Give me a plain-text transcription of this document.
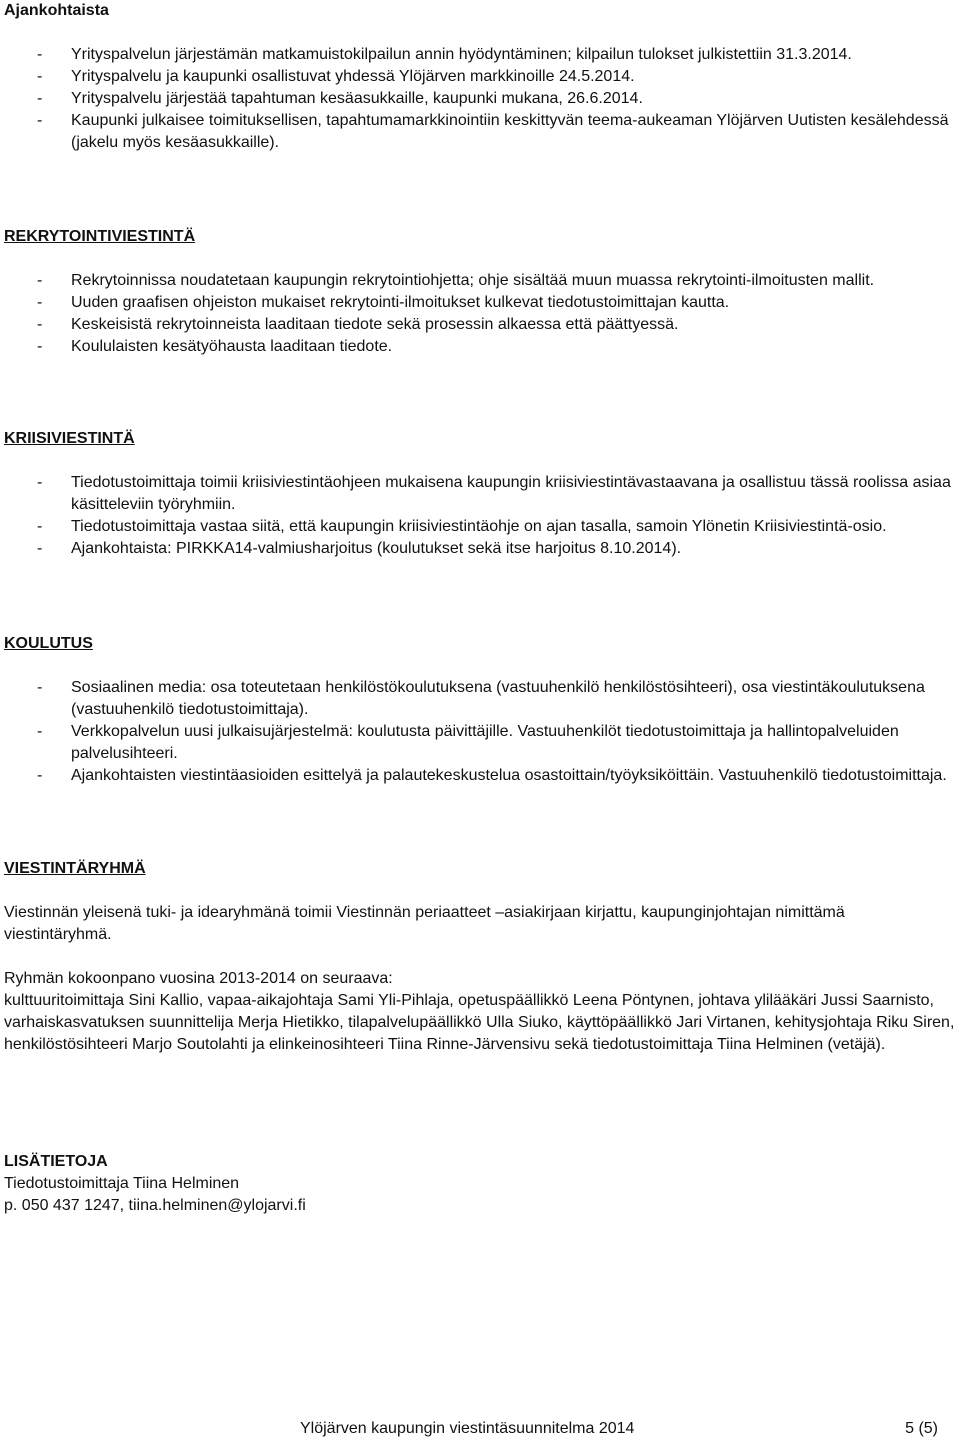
Ajankohtaista
- Yrityspalvelun järjestämän matkamuistokilpailun annin hyödyntäminen; kilpailun tulokset julkistettiin 31.3.2014.
- Yrityspalvelu ja kaupunki osallistuvat yhdessä Ylöjärven markkinoille 24.5.2014.
- Yrityspalvelu järjestää tapahtuman kesäasukkaille, kaupunki mukana, 26.6.2014.
- Kaupunki julkaisee toimituksellisen, tapahtumamarkkinointiin keskittyvän teema-aukeaman Ylöjärven Uutisten kesälehdessä (jakelu myös kesäasukkaille).
REKRYTOINTIVIESTINTÄ
- Rekrytoinnissa noudatetaan kaupungin rekrytointiohjetta; ohje sisältää muun muassa rekrytointi-ilmoitusten mallit.
- Uuden graafisen ohjeiston mukaiset rekrytointi-ilmoitukset kulkevat tiedotustoimittajan kautta.
- Keskeisistä rekrytoinneista laaditaan tiedote sekä prosessin alkaessa että päättyessä.
- Koululaisten kesätyöhausta laaditaan tiedote.
KRIISIVIESTINTÄ
- Tiedotustoimittaja toimii kriisiviestintäohjeen mukaisena kaupungin kriisiviestintävastaavana ja osallistuu tässä roolissa asiaa käsitteleviin työryhmiin.
- Tiedotustoimittaja vastaa siitä, että kaupungin kriisiviestintäohje on ajan tasalla, samoin Ylönetin Kriisiviestintä-osio.
- Ajankohtaista: PIRKKA14-valmiusharjoitus (koulutukset sekä itse harjoitus 8.10.2014).
KOULUTUS
- Sosiaalinen media: osa toteutetaan henkilöstökoulutuksena (vastuuhenkilö henkilöstösihteeri), osa viestintäkoulutuksena (vastuuhenkilö tiedotustoimittaja).
- Verkkopalvelun uusi julkaisujärjestelmä: koulutusta päivittäjille. Vastuuhenkilöt tiedotustoimittaja ja hallintopalveluiden palvelusihteeri.
- Ajankohtaisten viestintäasioiden esittelyä ja palautekeskustelua osastoittain/työyksiköittäin. Vastuuhenkilö tiedotustoimittaja.
VIESTINTÄRYHMÄ

Viestinnän yleisenä tuki- ja idearyhmänä toimii Viestinnän periaatteet –asiakirjaan kirjattu, kaupunginjohtajan nimittämä viestintäryhmä.

Ryhmän kokoonpano vuosina 2013-2014 on seuraava:

kulttuuritoimittaja Sini Kallio, vapaa-aikajohtaja Sami Yli-Pihlaja, opetuspäällikkö Leena Pöntynen, johtava ylilääkäri Jussi Saarnisto, varhaiskasvatuksen suunnittelija Merja Hietikko, tilapalvelupäällikkö Ulla Siuko, käyttöpäällikkö Jari Virtanen, kehitysjohtaja Riku Siren, henkilöstösihteeri Marjo Soutolahti ja elinkeinosihteeri Tiina Rinne-Järvensivu sekä tiedotustoimittaja Tiina Helminen (vetäjä).

LISÄTIETOJA

Tiedotustoimittaja Tiina Helminen

p. 050 437 1247, tiina.helminen@ylojarvi.fi

Ylöjärven kaupungin viestintäsuunnitelma 2014	5 (5)
